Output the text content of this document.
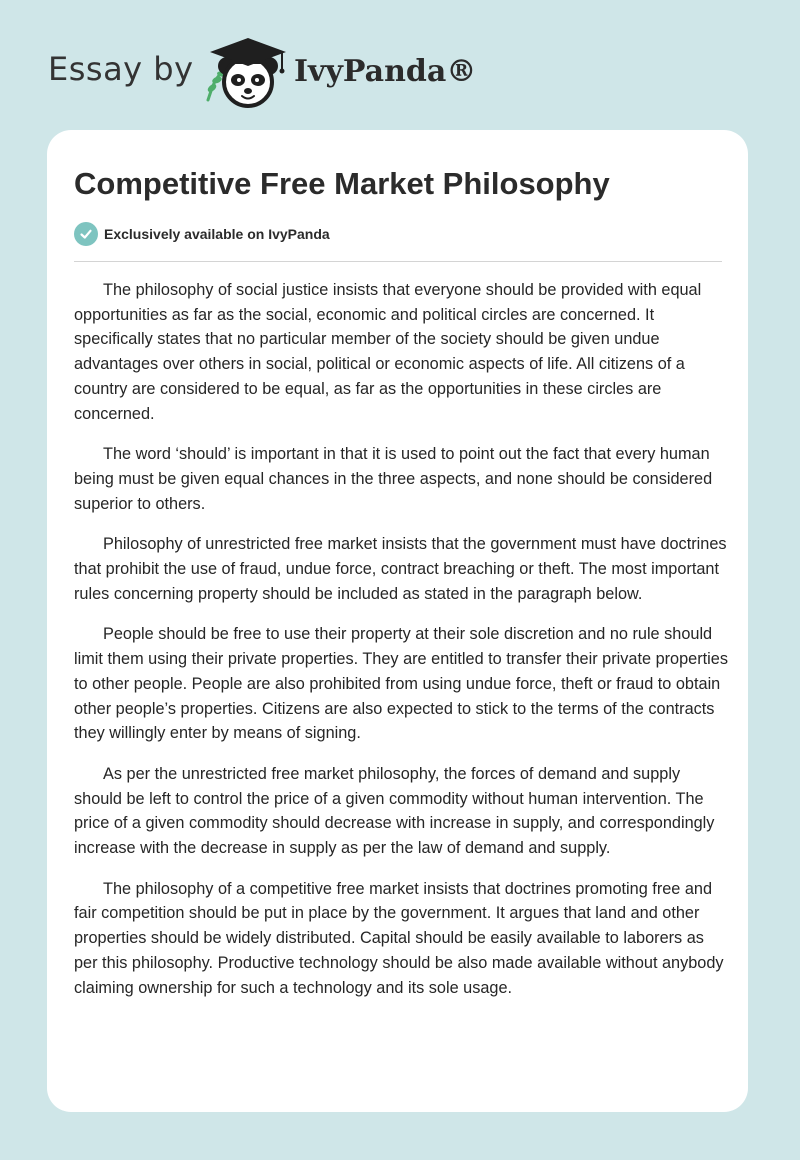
Essay by	IvyPanda®
Competitive Free Market Philosophy
Exclusively available on IvyPanda

The philosophy of social justice insists that everyone should be provided with equal opportunities as far as the social, economic and political circles are concerned. It specifically states that no particular member of the society should be given undue advantages over others in social, political or economic aspects of life. All citizens of a country are considered to be equal, as far as the opportunities in these circles are concerned.

The word ‘should’ is important in that it is used to point out the fact that every human being must be given equal chances in the three aspects, and none should be considered superior to others.

Philosophy of unrestricted free market insists that the government must have doctrines that prohibit the use of fraud, undue force, contract breaching or theft. The most important rules concerning property should be included as stated in the paragraph below.

People should be free to use their property at their sole discretion and no rule should limit them using their private properties. They are entitled to transfer their private properties to other people. People are also prohibited from using undue force, theft or fraud to obtain other people’s properties. Citizens are also expected to stick to the terms of the contracts they willingly enter by means of signing.

As per the unrestricted free market philosophy, the forces of demand and supply should be left to control the price of a given commodity without human intervention. The price of a given commodity should decrease with increase in supply, and correspondingly increase with the decrease in supply as per the law of demand and supply.

The philosophy of a competitive free market insists that doctrines promoting free and fair competition should be put in place by the government. It argues that land and other properties should be widely distributed. Capital should be easily available to laborers as per this philosophy. Productive technology should be also made available without anybody claiming ownership for such a technology and its sole usage.
